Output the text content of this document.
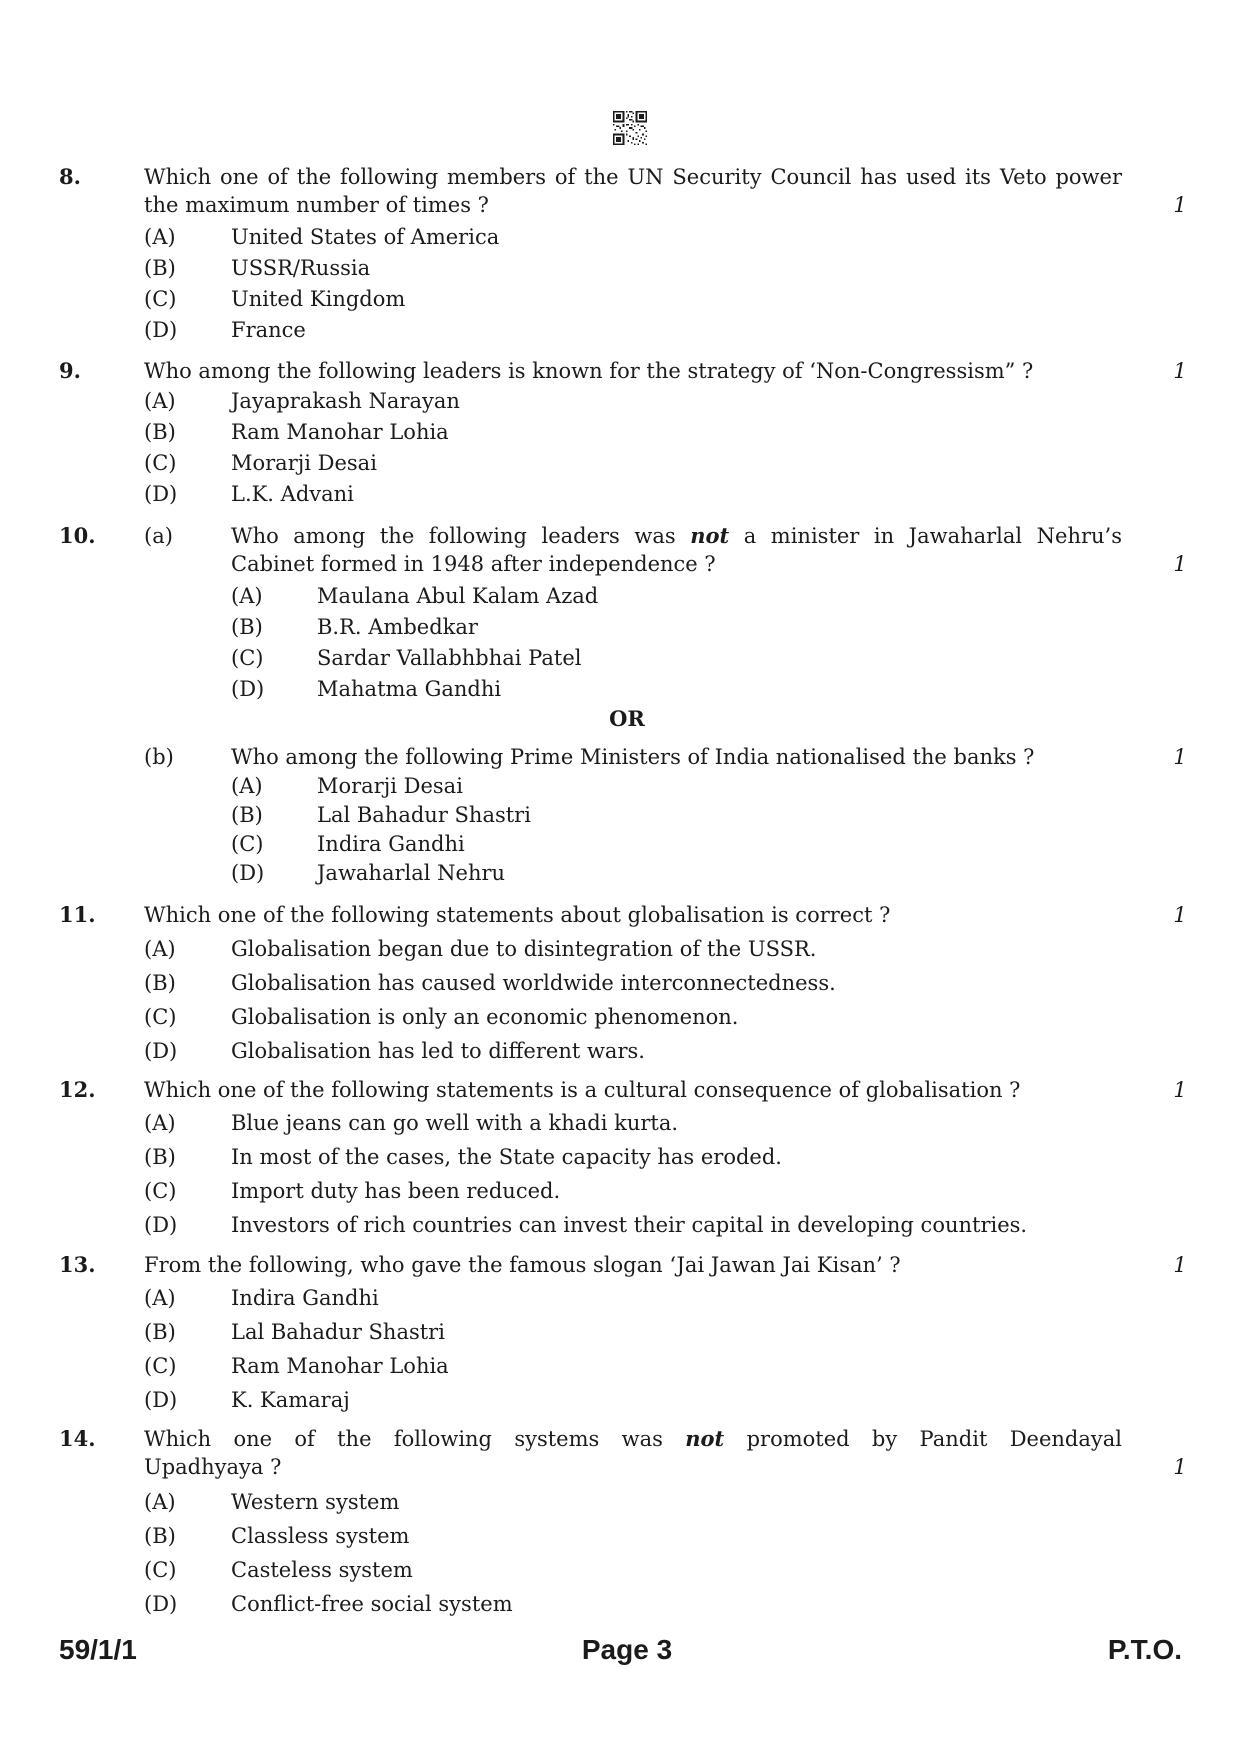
8.	Which one of the following members of the UN Security Council has used its Veto power
the maximum number of times ?	1
(A)	United States of America
(B)	USSR/Russia
(C)	United Kingdom
(D)	France
9.	Who among the following leaders is known for the strategy of ‘Non-Congressism” ?	1
(A)	Jayaprakash Narayan
(B)	Ram Manohar Lohia
(C)	Morarji Desai
(D)	L.K. Advani
10. (a)	Who among the following leaders was not a minister in Jawaharlal Nehru’s
Cabinet formed in 1948 after independence ?	1
(A)	Maulana Abul Kalam Azad
(B)	B.R. Ambedkar
(C)	Sardar Vallabhbhai Patel
(D)	Mahatma Gandhi
OR
(b)	Who among the following Prime Ministers of India nationalised the banks ?	1
(A)	Morarji Desai
(B)	Lal Bahadur Shastri
(C)	Indira Gandhi
(D)	Jawaharlal Nehru
11. Which one of the following statements about globalisation is correct ?	1
(A)	Globalisation began due to disintegration of the USSR.
(B)	Globalisation has caused worldwide interconnectedness.
(C)	Globalisation is only an economic phenomenon.
(D)	Globalisation has led to different wars.
12. Which one of the following statements is a cultural consequence of globalisation ?	1
(A)	Blue jeans can go well with a khadi kurta.
(B)	In most of the cases, the State capacity has eroded.
(C)	Import duty has been reduced.
(D)	Investors of rich countries can invest their capital in developing countries.
13. From the following, who gave the famous slogan ‘Jai Jawan Jai Kisan’ ?	1
(A)	Indira Gandhi
(B)	Lal Bahadur Shastri
(C)	Ram Manohar Lohia
(D)	K. Kamaraj
14. Which one of the following systems was not promoted by Pandit Deendayal
Upadhyaya ?	1
(A)	Western system
(B)	Classless system
(C)	Casteless system
(D)	Conflict-free social system
59/1/1	Page 3	P.T.O.
